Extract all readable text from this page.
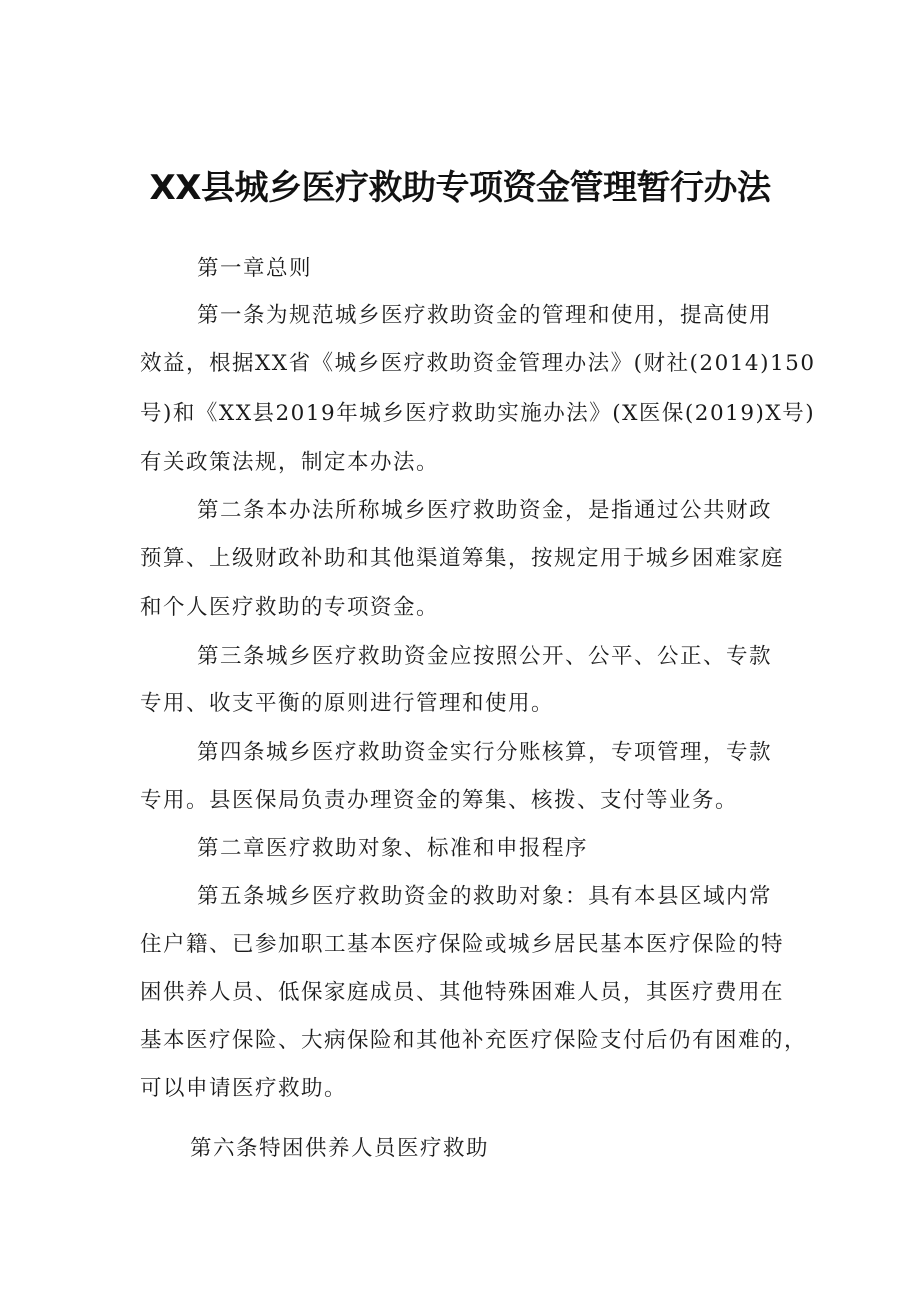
XX县城乡医疗救助专项资金管理暂行办法
第一章总则
第一条为规范城乡医疗救助资金的管理和使用，提高使用
效益，根据XX省《城乡医疗救助资金管理办法》(财社(2014)150
号)和《XX县2019年城乡医疗救助实施办法》(X医保(2019)X号)
有关政策法规，制定本办法。
第二条本办法所称城乡医疗救助资金，是指通过公共财政
预算、上级财政补助和其他渠道筹集，按规定用于城乡困难家庭
和个人医疗救助的专项资金。
第三条城乡医疗救助资金应按照公开、公平、公正、专款
专用、收支平衡的原则进行管理和使用。
第四条城乡医疗救助资金实行分账核算，专项管理，专款
专用。县医保局负责办理资金的筹集、核拨、支付等业务。
第二章医疗救助对象、标准和申报程序
第五条城乡医疗救助资金的救助对象：具有本县区域内常
住户籍、已参加职工基本医疗保险或城乡居民基本医疗保险的特
困供养人员、低保家庭成员、其他特殊困难人员，其医疗费用在
基本医疗保险、大病保险和其他补充医疗保险支付后仍有困难的，
可以申请医疗救助。
第六条特困供养人员医疗救助
